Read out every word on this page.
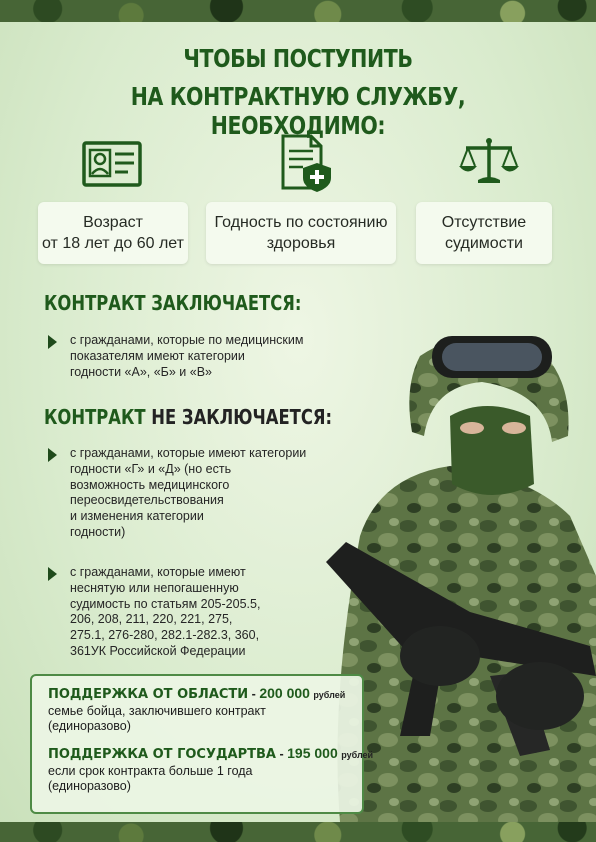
ЧТОБЫ ПОСТУПИТЬ
НА КОНТРАКТНУЮ СЛУЖБУ, НЕОБХОДИМО:
Возраст
от 18 лет до 60 лет
Годность по состоянию
здоровья
Отсутствие
судимости
КОНТРАКТ ЗАКЛЮЧАЕТСЯ:
с гражданами, которые по медицинским
показателям имеют категории
годности «А», «Б» и «В»
КОНТРАКТ НЕ ЗАКЛЮЧАЕТСЯ:
с гражданами, которые имеют категории
годности «Г» и «Д» (но есть
возможность медицинского
переосвидетельствования
и изменения категории
годности)
с гражданами, которые имеют
неснятую или непогашенную
судимость по статьям 205-205.5,
206, 208, 211, 220, 221, 275,
275.1, 276-280, 282.1-282.3, 360,
361УК Российской Федерации
ПОДДЕРЖКА ОТ ОБЛАСТИ - 200 000 рублей
семье бойца, заключившего контракт
(единоразово)
ПОДДЕРЖКА ОТ ГОСУДАРТВА - 195 000 рублей
если срок контракта больше 1 года
(единоразово)
